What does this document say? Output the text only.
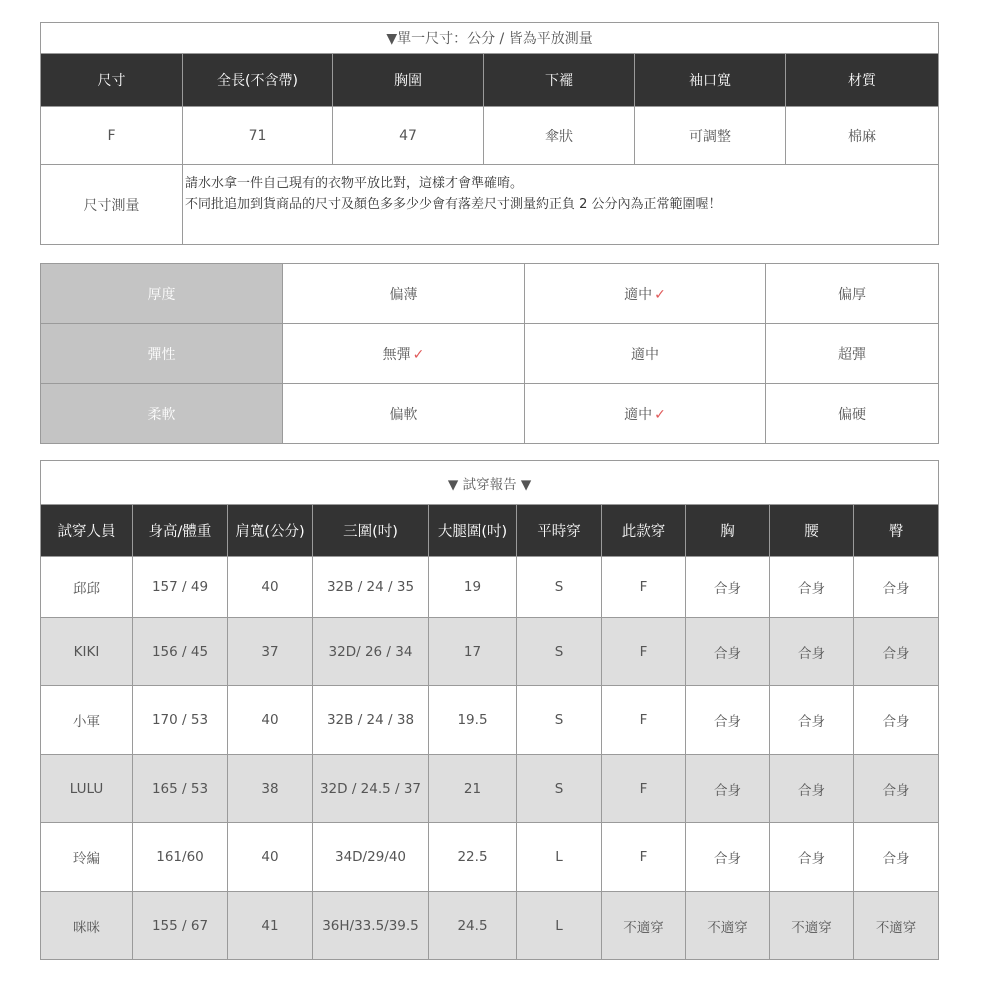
▼單一尺寸：公分 / 皆為平放測量					
尺寸	全長(不含帶)	胸圍	下襬	袖口寬	材質
F	71	47	傘狀	可調整	棉麻
尺寸測量	請水水拿一件自己現有的衣物平放比對，這樣才會準確唷。
不同批追加到貨商品的尺寸及顏色多多少少會有落差尺寸測量約正負 2 公分內為正常範圍喔！				
厚度	偏薄	適中 ✓	偏厚
彈性	無彈 ✓	適中	超彈
柔軟	偏軟	適中 ✓	偏硬
▼ 試穿報告 ▼									
試穿人員	身高/體重	肩寬(公分)	三圍(吋)	大腿圍(吋)	平時穿	此款穿	胸	腰	臀
邱邱	157 / 49	40	32B / 24 / 35	19	S	F	合身	合身	合身
KIKI	156 / 45	37	32D/ 26 / 34	17	S	F	合身	合身	合身
小軍	170 / 53	40	32B / 24 / 38	19.5	S	F	合身	合身	合身
LULU	165 / 53	38	32D / 24.5 / 37	21	S	F	合身	合身	合身
玲編	161/60	40	34D/29/40	22.5	L	F	合身	合身	合身
咪咪	155 / 67	41	36H/33.5/39.5	24.5	L	不適穿	不適穿	不適穿	不適穿
